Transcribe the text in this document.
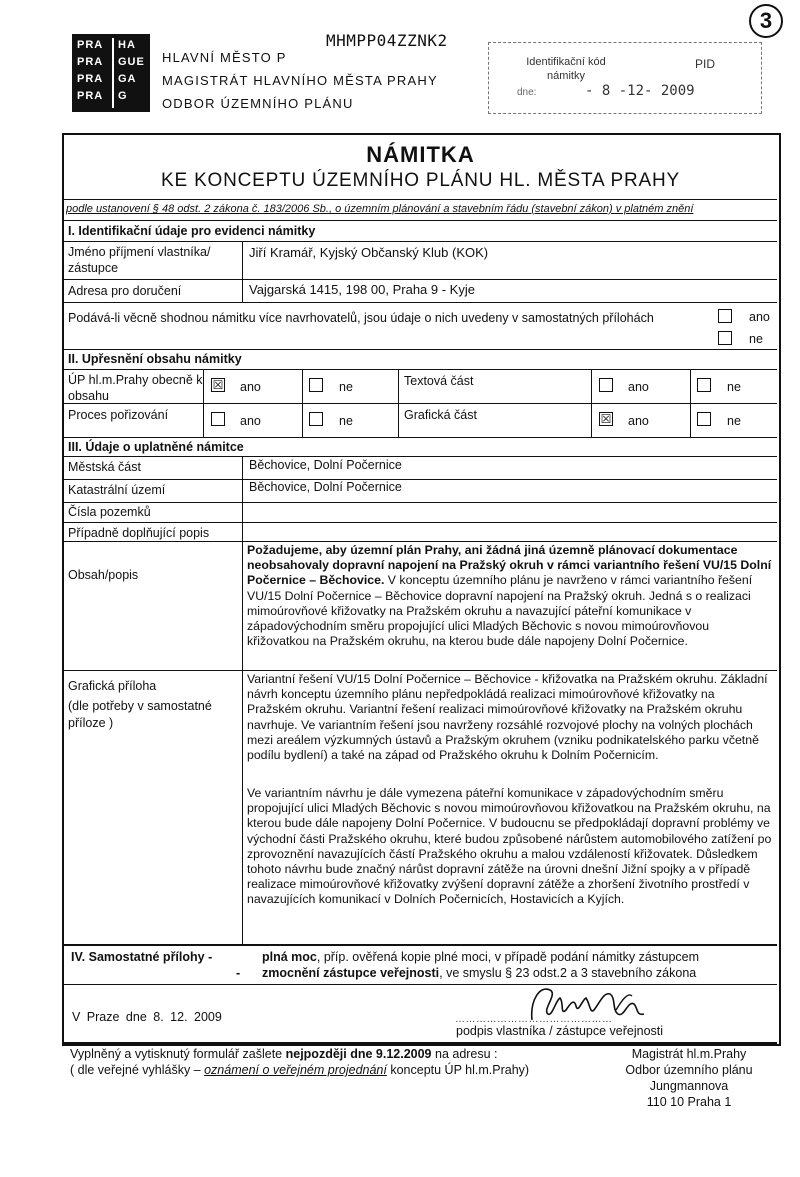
PRA HA
PRA GUE
PRA GA
PRA G
HLAVNÍ MĚSTO P
MAGISTRÁT HLAVNÍHO MĚSTA PRAHY
ODBOR ÚZEMNÍHO PLÁNU
MHMPP04ZZNK2
3
Identifikační kód námitky
PID
dne:	- 8 -12- 2009
NÁMITKA
KE KONCEPTU ÚZEMNÍHO PLÁNU HL. MĚSTA PRAHY
podle ustanovení § 48 odst. 2 zákona č. 183/2006 Sb., o územním plánování a stavebním řádu (stavební zákon) v platném znění
I. Identifikační údaje pro evidenci námitky
Jméno příjmení vlastníka/ zástupce
Jiří Kramář, Kyjský Občanský Klub (KOK)
Adresa pro doručení	Vajgarská 1415, 198 00, Praha 9 - Kyje
Podává-li věcně shodnou námitku více navrhovatelů, jsou údaje o nich uvedeny v samostatných přílohách	ano
ne
II. Upřesnění obsahu námitky
ÚP hl.m.Prahy obecně k obsahu
☒ ano	ne	Textová část	ano	ne
Proces pořizování	ano	ne	Grafická část	☒ ano	ne
III. Údaje o uplatněné námitce
Městská část	Běchovice, Dolní Počernice
Katastrální území	Běchovice, Dolní Počernice
Čísla pozemků
Případně doplňující popis
Obsah/popis
Požadujeme, aby územní plán Prahy, ani žádná jiná územně plánovací dokumentace neobsahovaly dopravní napojení na Pražský okruh v rámci variantního řešení VU/15 Dolní Počernice – Běchovice. V konceptu územního plánu je navrženo v rámci variantního řešení VU/15 Dolní Počernice – Běchovice dopravní napojení na Pražský okruh. Jedná s o realizaci mimoúrovňové křižovatky na Pražském okruhu a navazující páteřní komunikace v západovýchodním směru propojující ulici Mladých Běchovic s novou mimoúrovňovou křižovatkou na Pražském okruhu, na kterou bude dále napojeny Dolní Počernice.
Grafická příloha
(dle potřeby v samostatné příloze )
Variantní řešení VU/15 Dolní Počernice – Běchovice - křižovatka na Pražském okruhu. Základní návrh konceptu územního plánu nepředpokládá realizaci mimoúrovňové křižovatky na Pražském okruhu. Variantní řešení realizaci mimoúrovňové křižovatky na Pražském okruhu navrhuje. Ve variantním řešení jsou navrženy rozsáhlé rozvojové plochy na volných plochách mezi areálem výzkumných ústavů a Pražským okruhem (vzniku podnikatelského parku včetně podílu bydlení) a také na západ od Pražského okruhu k Dolním Počernicím.
Ve variantním návrhu je dále vymezena páteřní komunikace v západovýchodním směru propojující ulici Mladých Běchovic s novou mimoúrovňovou křižovatkou na Pražském okruhu, na kterou bude dále napojeny Dolní Počernice. V budoucnu se předpokládají dopravní problémy ve východní části Pražského okruhu, které budou způsobené nárůstem automobilového zatížení po zprovoznění navazujících částí Pražského okruhu a malou vzdáleností křižovatek. Důsledkem tohoto návrhu bude značný nárůst dopravní zátěže na úrovni dnešní Jižní spojky a v případě realizace mimoúrovňové křižovatky zvýšení dopravní zátěže a zhoršení životního prostředí v navazujících komunikací v Dolních Počernicích, Hostavicích a Kyjích.
IV. Samostatné přílohy -
-
plná moc, příp. ověřená kopie plné moci, v případě podání námitky zástupcem
zmocnění zástupce veřejnosti, ve smyslu § 23 odst.2 a 3 stavebního zákona
V Praze dne 8. 12. 2009	………………………………………
podpis vlastníka / zástupce veřejnosti
Vyplněný a vytisknutý formulář zašlete nejpozději dne 9.12.2009 na adresu :
( dle veřejné vyhlášky – oznámení o veřejném projednání konceptu ÚP hl.m.Prahy)
Magistrát hl.m.Prahy
Odbor územního plánu
Jungmannova
110 10 Praha 1
